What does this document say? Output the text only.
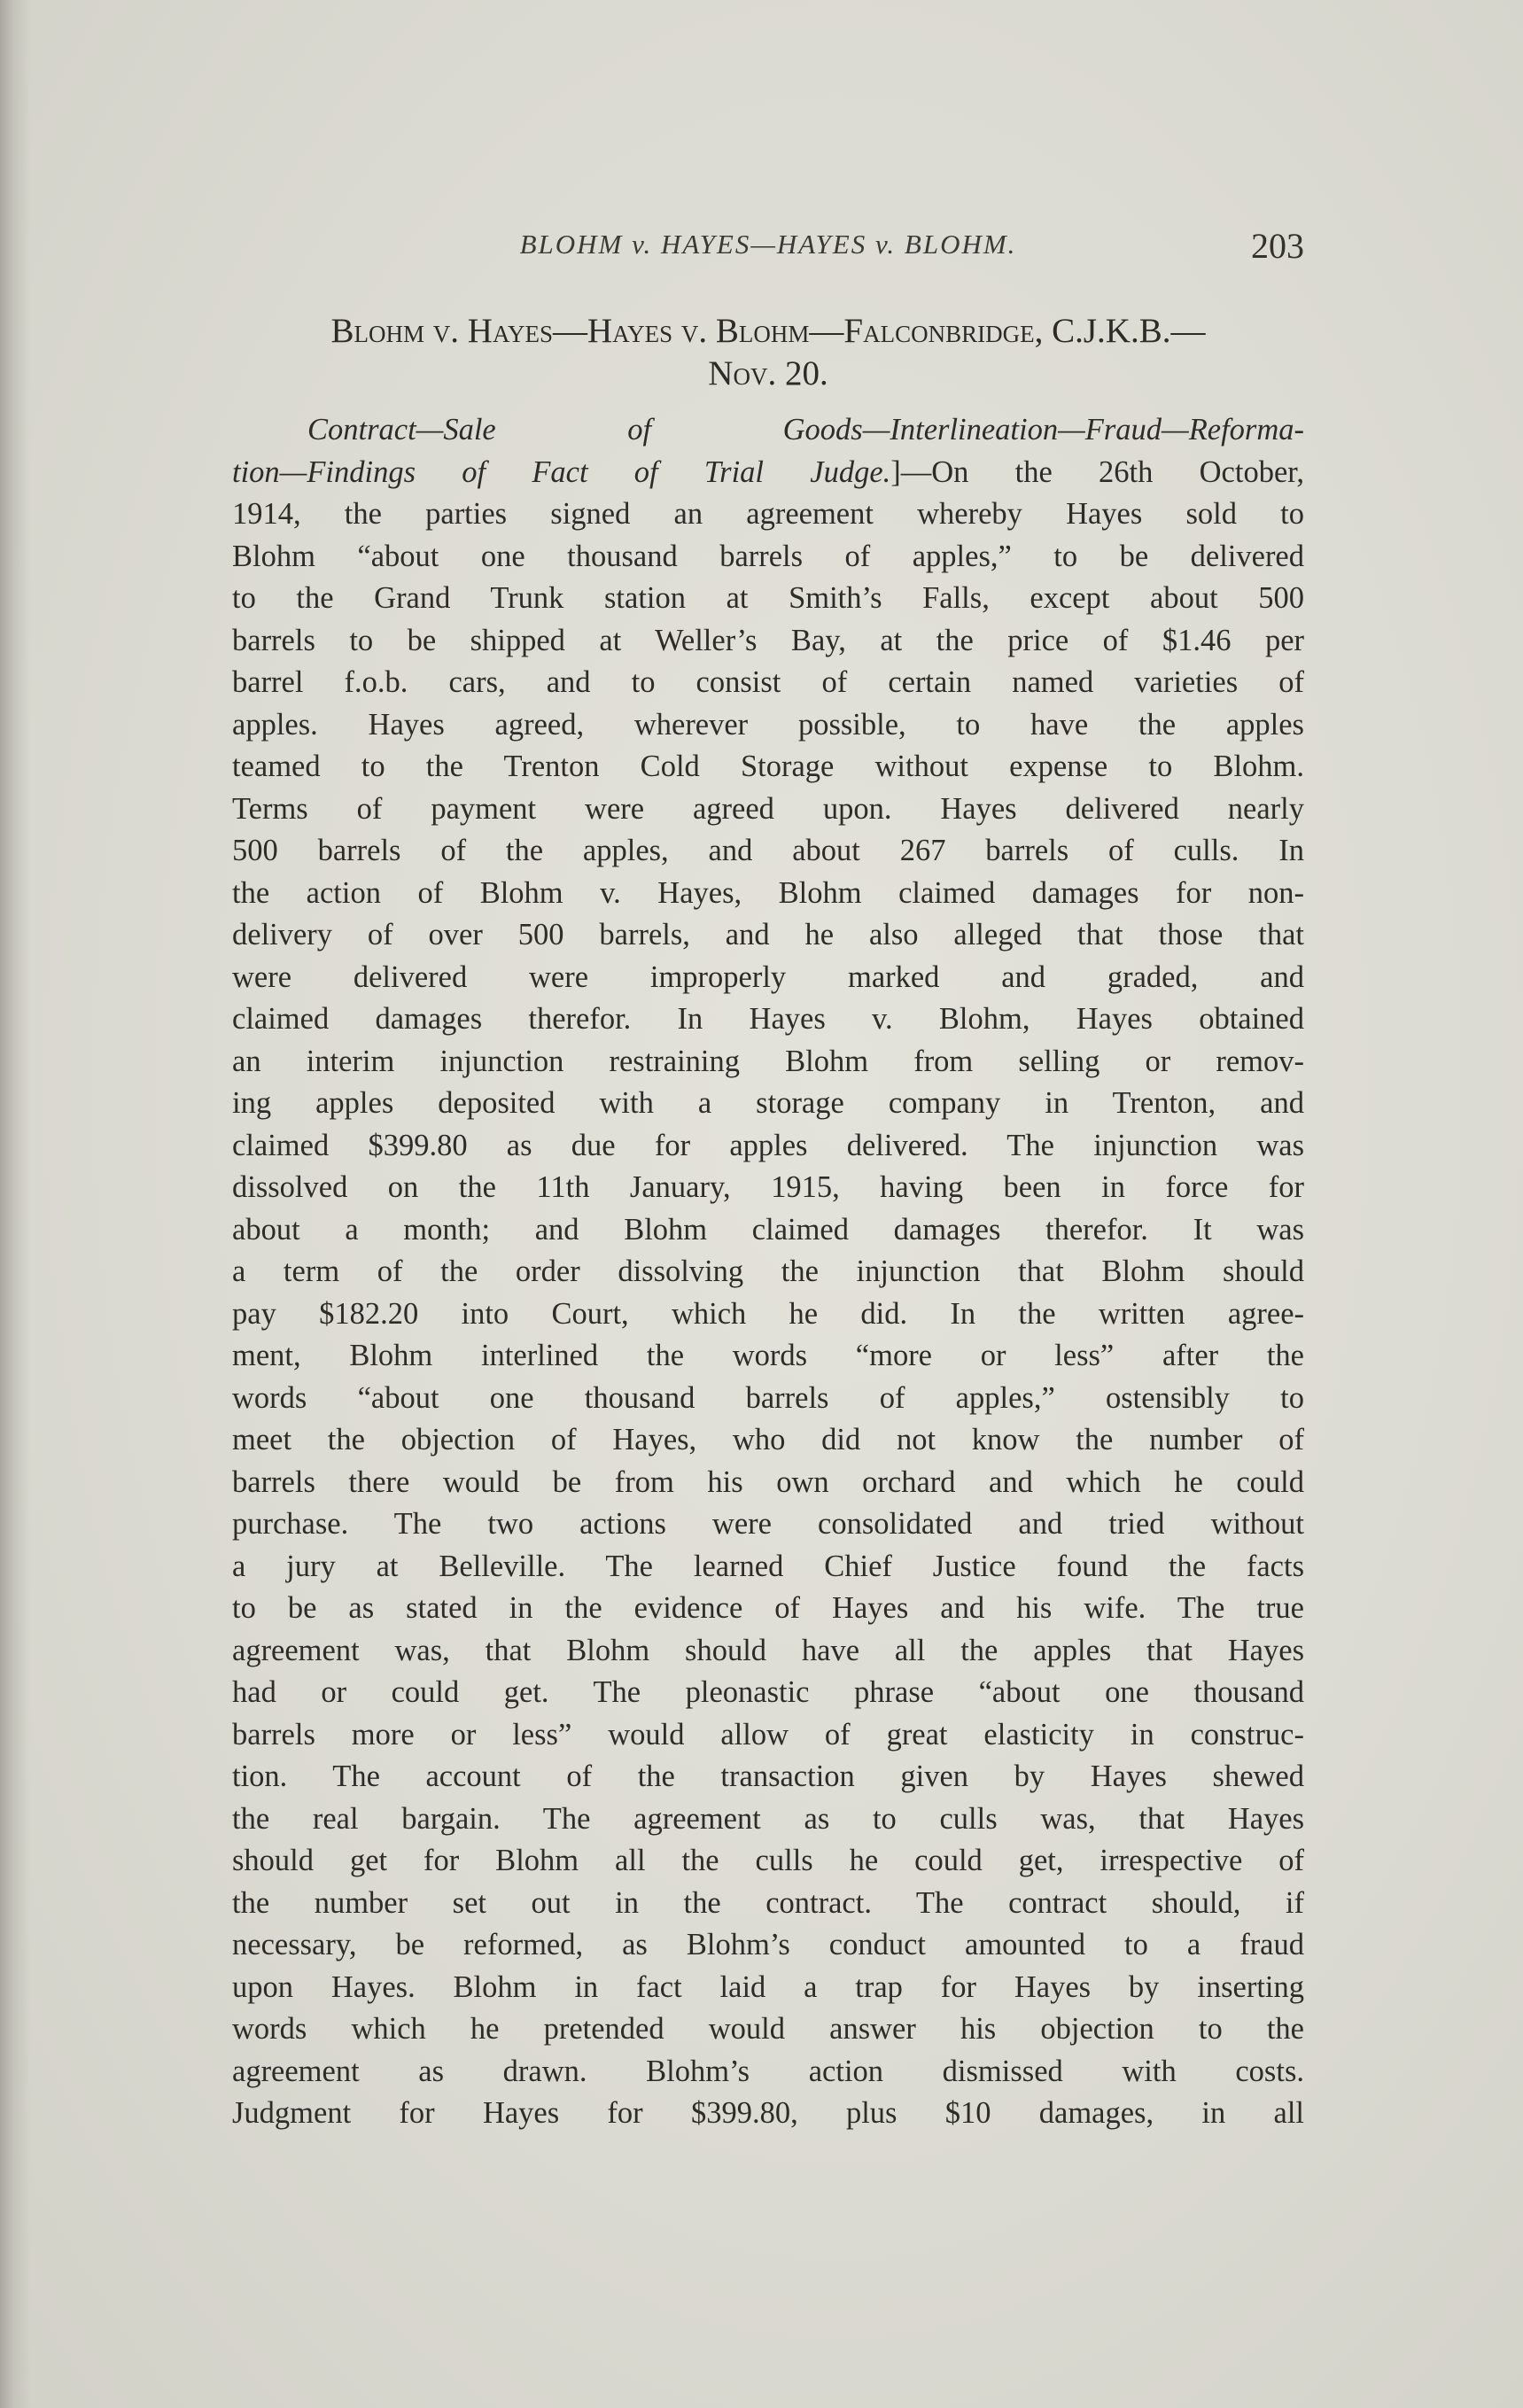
BLOHM v. HAYES—HAYES v. BLOHM.	203
Blohm v. Hayes—Hayes v. Blohm—Falconbridge, C.J.K.B.—
Nov. 20.
Contract—Sale of Goods—Interlineation—Fraud—Reforma-
tion—Findings of Fact of Trial Judge.]—On the 26th October,
1914, the parties signed an agreement whereby Hayes sold to
Blohm “about one thousand barrels of apples,” to be delivered
to the Grand Trunk station at Smith’s Falls, except about 500
barrels to be shipped at Weller’s Bay, at the price of $1.46 per
barrel f.o.b. cars, and to consist of certain named varieties of
apples. Hayes agreed, wherever possible, to have the apples
teamed to the Trenton Cold Storage without expense to Blohm.
Terms of payment were agreed upon. Hayes delivered nearly
500 barrels of the apples, and about 267 barrels of culls. In
the action of Blohm v. Hayes, Blohm claimed damages for non-
delivery of over 500 barrels, and he also alleged that those that
were delivered were improperly marked and graded, and
claimed damages therefor. In Hayes v. Blohm, Hayes obtained
an interim injunction restraining Blohm from selling or remov-
ing apples deposited with a storage company in Trenton, and
claimed $399.80 as due for apples delivered. The injunction was
dissolved on the 11th January, 1915, having been in force for
about a month; and Blohm claimed damages therefor. It was
a term of the order dissolving the injunction that Blohm should
pay $182.20 into Court, which he did. In the written agree-
ment, Blohm interlined the words “more or less” after the
words “about one thousand barrels of apples,” ostensibly to
meet the objection of Hayes, who did not know the number of
barrels there would be from his own orchard and which he could
purchase. The two actions were consolidated and tried without
a jury at Belleville. The learned Chief Justice found the facts
to be as stated in the evidence of Hayes and his wife. The true
agreement was, that Blohm should have all the apples that Hayes
had or could get. The pleonastic phrase “about one thousand
barrels more or less” would allow of great elasticity in construc-
tion. The account of the transaction given by Hayes shewed
the real bargain. The agreement as to culls was, that Hayes
should get for Blohm all the culls he could get, irrespective of
the number set out in the contract. The contract should, if
necessary, be reformed, as Blohm’s conduct amounted to a fraud
upon Hayes. Blohm in fact laid a trap for Hayes by inserting
words which he pretended would answer his objection to the
agreement as drawn. Blohm’s action dismissed with costs.
Judgment for Hayes for $399.80, plus $10 damages, in all
